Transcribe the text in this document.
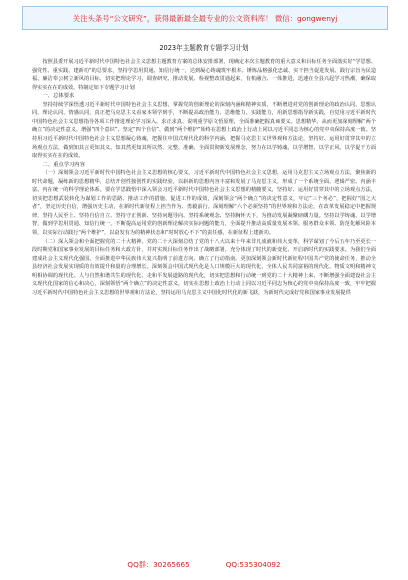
关注头条号“公文研究”，获得最新最全最专业的公文资料库！ 微信：gongwenyj
2023年主题教育专题学习计划

按照县委开展习近平新时代中国特色社会主义思想主题教育方案的总体安排部署，现确定本次主题教育的重大意义和目标任务全面落实好“学思想、强党性、重实践、建新功”的总要求，坚持学思用贯通、知信行统一，达到凝心铸魂筑牢根本、锤炼品格强化忠诚、实干担当促进发展、践行宗旨为民造福、廉洁奉公树立新风的目标，切实把理论学习、调查研究、推动发展、检视整改贯通起来，有机融合、一体推进，迅速在全县兴起学习热潮，确保取得实实在在的成效。特制定如下专题学习计划

一、总体要求

坚持持续学深悟透习近平新时代中国特色社会主义思想，掌握党的创新理论的深刻内涵和精神实质，不断增进对党的创新理论的政治认同、思想认同、理论认同、情感认同，真正把马克思主义看家本领学到手，不断提高政治能力、思维能力、实践能力，用新思想指导新实践，自觉用习近平新时代中国特色社会主义思想指导各项工作推进理论学习深入、求正求真、说明重学原文悟原理，全面准确把握真谛要义。思想精华、从而更加深刻理解“两个确立”的决定性意义，增强“四个意识”、坚定“四个自信”、做到“两个维护”始终在思想上政治上行动上同以习近平同志为核心的党中央保持高度一致。坚持用习近平新时代中国特色社会主义思想凝心铸魂，把握住中国式现代化的科学内涵，把握马克思主义世界观和方法论，坚持好、运用好贯穿其中的立场观点方法，做到知其言更知其义、知其然更知其所以然，完整、准确、全面贯彻新发展理念，努力在以学铸魂、以学增智、以学正风、以学促干方面取得实实在在的成效。

二、重点学习内容

（一）深刻领会习近平新时代中国特色社会主义思想的核心要义。习近平新时代中国特色社会主义思想，运用马克思主义立场观点方法，聚焦新的时代命题，凝练新的思想精华，总结开创性独创性的实践经验，以崭新的思想内容丰富和发展了马克思主义，形成了一个系统全面、逻辑严密、内涵丰富、内在统一的科学理论体系。要在学思践悟中深入领会习近平新时代中国特色社会主义思想的精髓要义，坚持好、运用好贯穿其中的立场观点方法，切实把思想武装转化为谋划工作的思路、推动工作的措施、促进工作的成效，深刻领会“两个确立”的决定性意义，牢记“三个务必”，把握好“国之大者”，坚定历史自信，增强历史主动，在新时代新征程上担当作为、勇毅前行。深刻理解“六个必须坚持”的世界观和方法论，在改革发展稳定中把握规律，坚持人民至上、坚持自信自立、坚持守正创新、坚持问题导向、坚持系统观念、坚持胸怀天下，为推动发展凝聚磅礴力量。坚持以学铸魂、以学增智，做到学思用贯通、知信行统一，不断提高运用党的创新理论解决实际问题的能力，全面提升推动高质量发展本领、服务群众本领、防范化解风险本领，以实际行动践行“两个维护”，以奋发有为的精神状态和“时时放心不下”的责任感，在新征程上建新功。

（二）深入领会和全面把握党的二十大精神。党的二十大深刻总结了党的十八大以来十年来非凡成就和伟大变革，科学谋划了今后五年乃至更长一段时期党和国家事业发展的目标任务和大政方针，并对实现目标任务作出了战略部署，充分体现了时代的新变化、开启新时代的实践要求。为我们全面建成社会主义现代化强国、全面推进中华民族伟大复兴指明了前进方向、确立了行动指南。更加深刻领会新时代新征程中国共产党的使命任务，推动全县经济社会发展实现质的有效提升和量的合理增长。深刻领会中国式现代化是人口规模巨大的现代化、全体人民共同富裕的现代化、物质文明和精神文明相协调的现代化、人与自然和谐共生的现代化、走和平发展道路的现代化，切实把思想和行动统一到党的二十大精神上来，不断增强全面建设社会主义现代化国家的信心和决心，深刻领悟“两个确立”的决定性意义，切实在思想上政治上行动上同以习近平同志为核心的党中央保持高度一致，牢牢把握习近平新时代中国特色社会主义思想的世界观和方法论，坚持运用马克思主义中国化时代化的新飞跃，为新时代完成好党和国家事业发展提供

QQ群：30265665	QQ:535304092
